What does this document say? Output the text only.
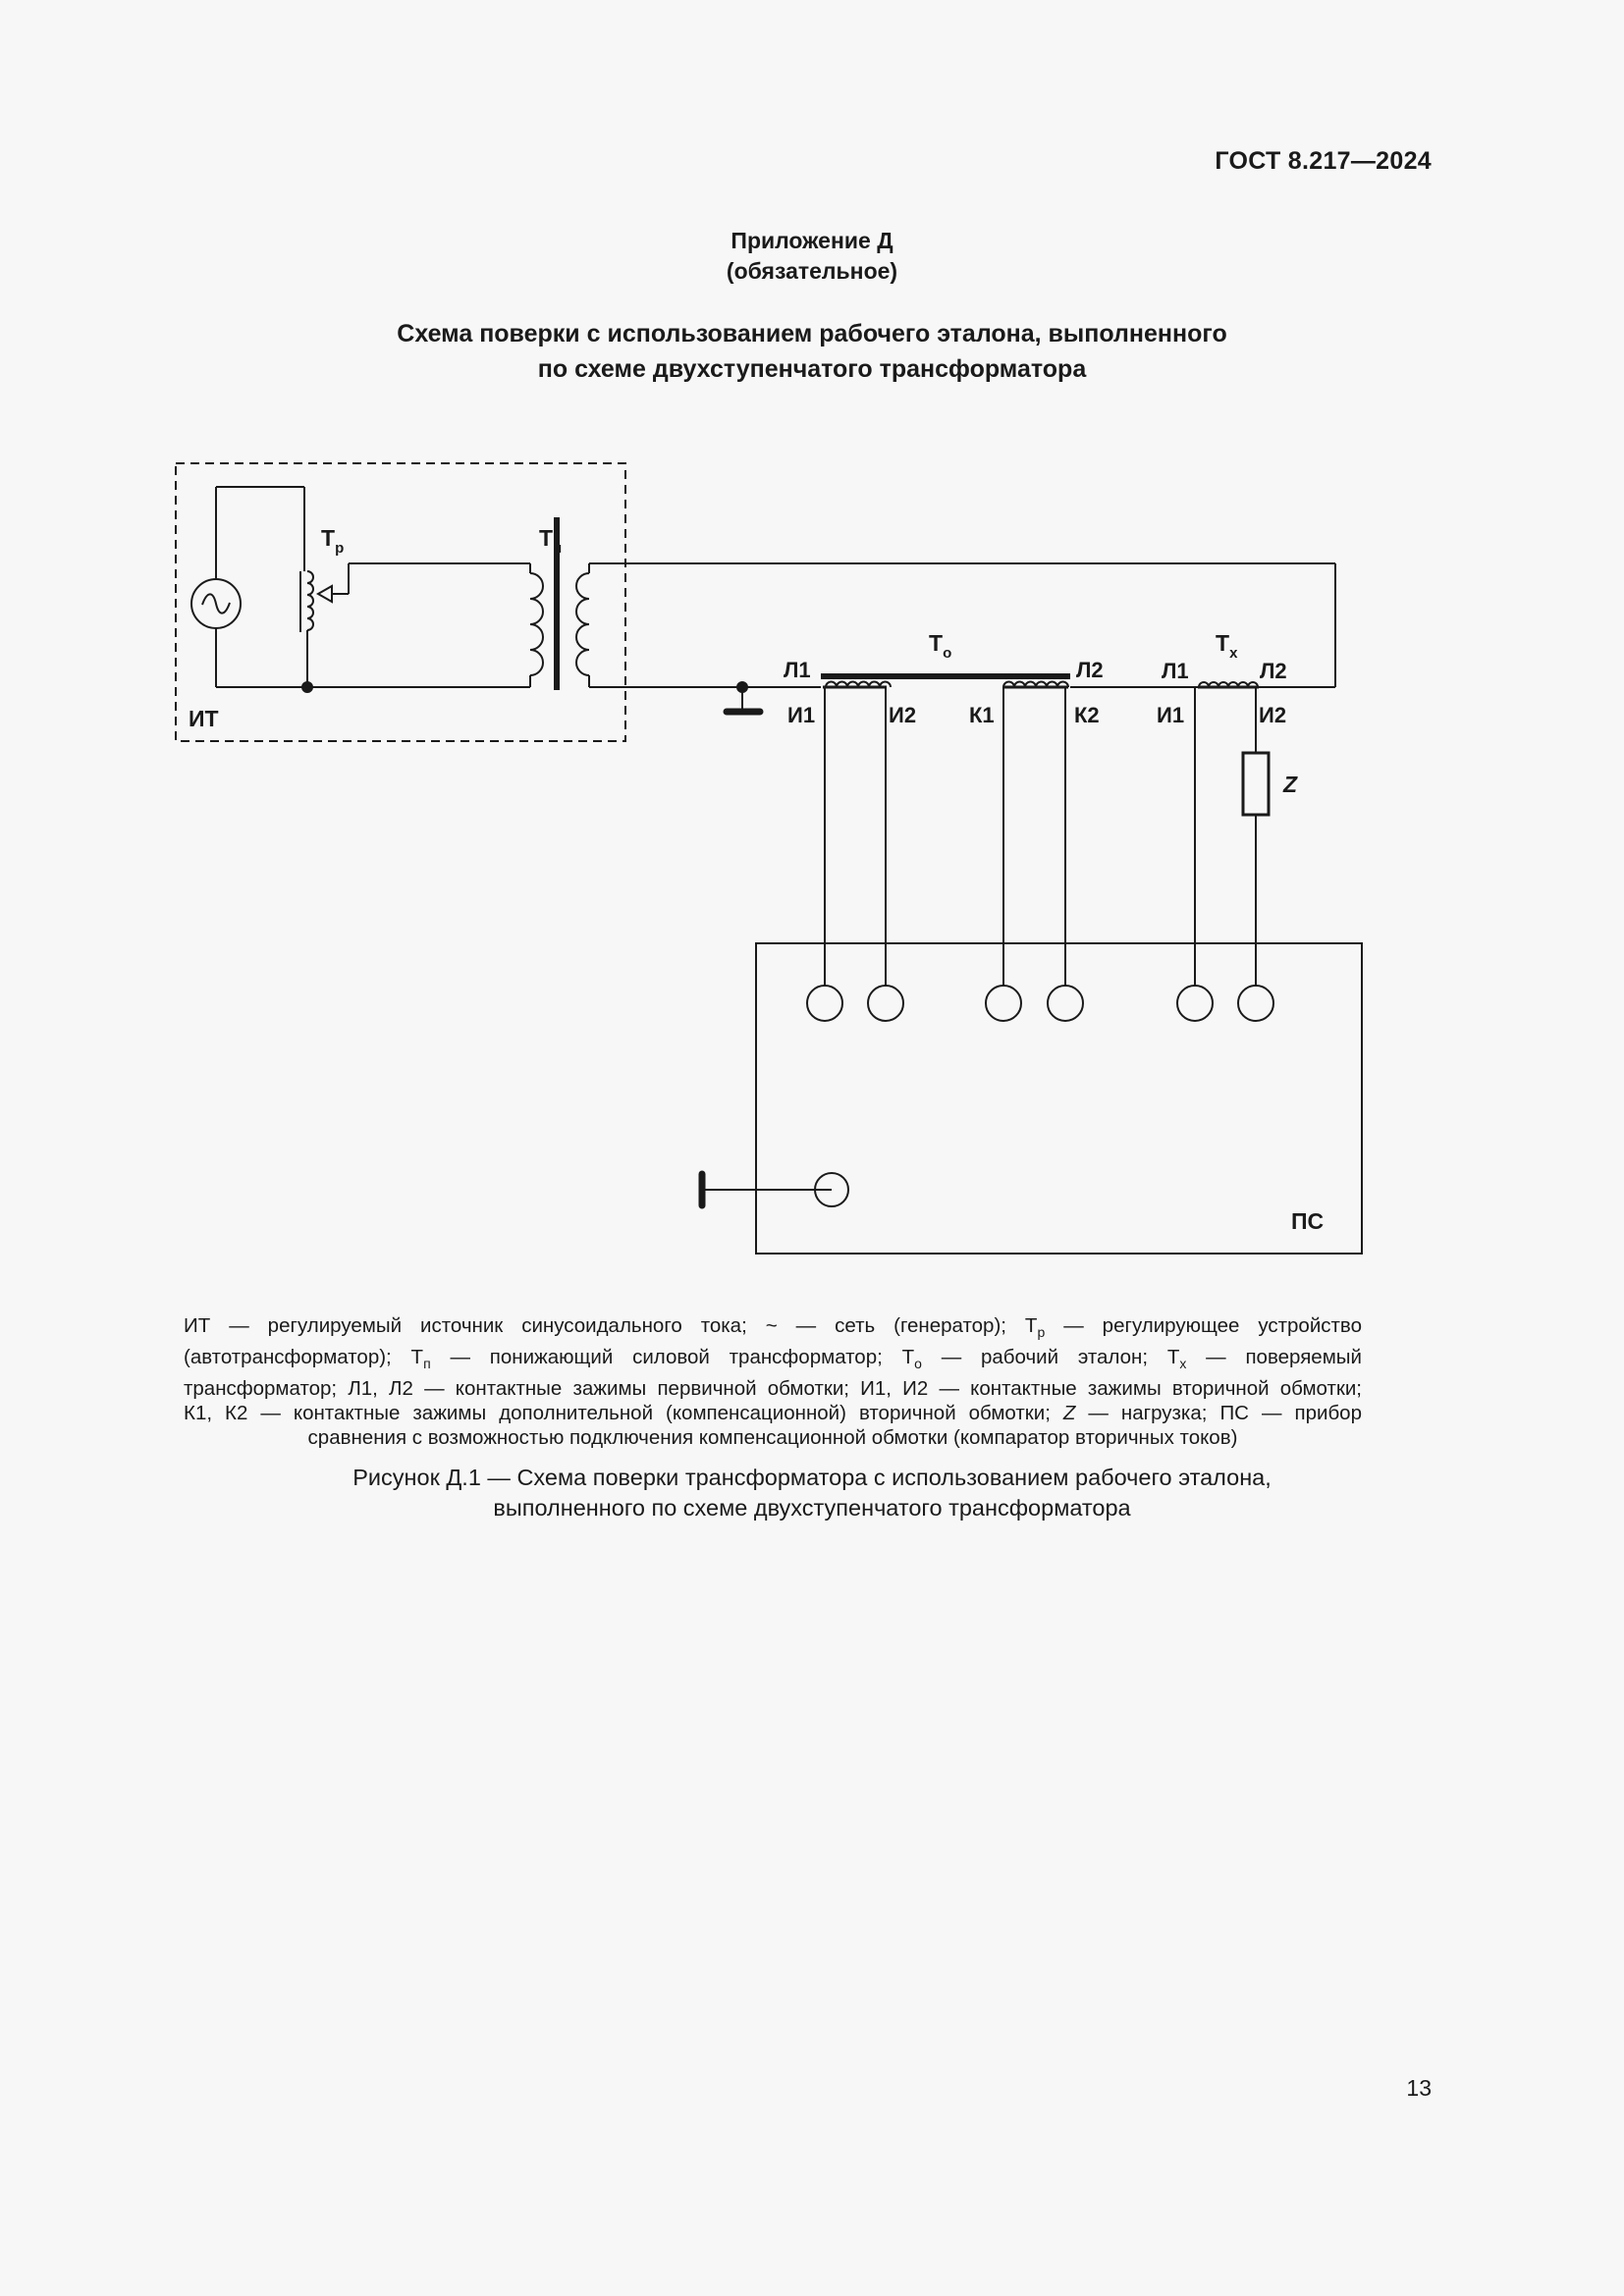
ГОСТ 8.217—2024
Приложение Д
(обязательное)
Схема поверки с использованием рабочего эталона, выполненного
по схеме двухступенчатого трансформатора
ИТ
$Т_р$	$Т_п$
$Т_о$	$Т_x$
Л1	Л2
И1	И2 К1	К2
Л1	Л2
И1	И2
Z
ПС
ИТ — регулируемый источник синусоидального тока; ~ — сеть (генератор); $Т_р$ — регулирующее устройство
(автотрансформатор); $Т_п$ — понижающий силовой трансформатор; $Т_о$ — рабочий эталон; $Т_x$ — поверяемый
трансформатор; Л1, Л2 — контактные зажимы первичной обмотки; И1, И2 — контактные зажимы вторичной обмотки;
К1, К2 — контактные зажимы дополнительной (компенсационной) вторичной обмотки; Z — нагрузка; ПС — прибор
сравнения с возможностью подключения компенсационной обмотки (компаратор вторичных токов)
Рисунок Д.1 — Схема поверки трансформатора с использованием рабочего эталона,
выполненного по схеме двухступенчатого трансформатора
13
